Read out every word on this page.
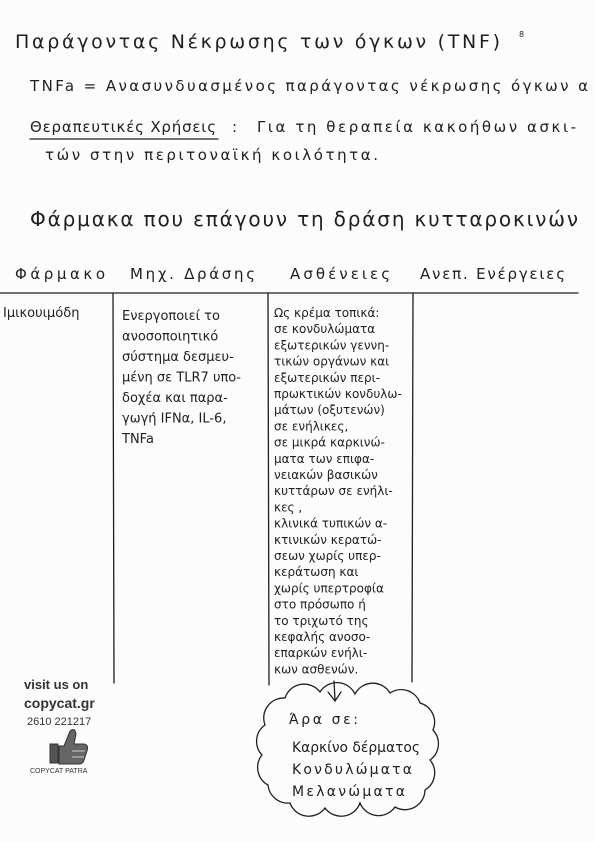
Παράγοντας Νέκρωσης των όγκων (TNF) 8
TNFa = Ανασυνδυασμένος παράγοντας νέκρωσης όγκων α
Θεραπευτικές Χρήσεις : Για τη θεραπεία κακοήθων ασκι-
τών στην περιτοναϊκή κοιλότητα.
Φάρμακα που επάγουν τη δράση κυτταροκινών
Φάρμακο Μηχ. Δράσης Ασθένειες Ανεπ. Ενέργειες
Ιμικουιμόδη	Ενεργοποιεί το
ανοσοποιητικό
σύστημα δεσμευ-
μένη σε TLR7 υπο-
δοχέα και παρα-
γωγή IFNα, IL-6,
TNFa
Ως κρέμα τοπικά:
σε κονδυλώματα
εξωτερικών γεννη-
τικών οργάνων και
εξωτερικών περι-
πρωκτικών κονδυλω-
μάτων (οξυτενών)
σε ενήλικες,
σε μικρά καρκινώ-
ματα των επιφα-
νειακών βασικών
κυττάρων σε ενήλι-
κες ,
κλινικά τυπικών α-
κτινικών κερατώ-
σεων χωρίς υπερ-
κεράτωση και
χωρίς υπερτροφία
στο πρόσωπο ή
το τριχωτό της
κεφαλής ανοσο-
επαρκών ενήλι-
κων ασθενών.
Άρα σε:
Καρκίνο δέρματος
Κονδυλώματα
Μελανώματα
visit us on
copycat.gr
2610 221217
COPYCAT PATRA
